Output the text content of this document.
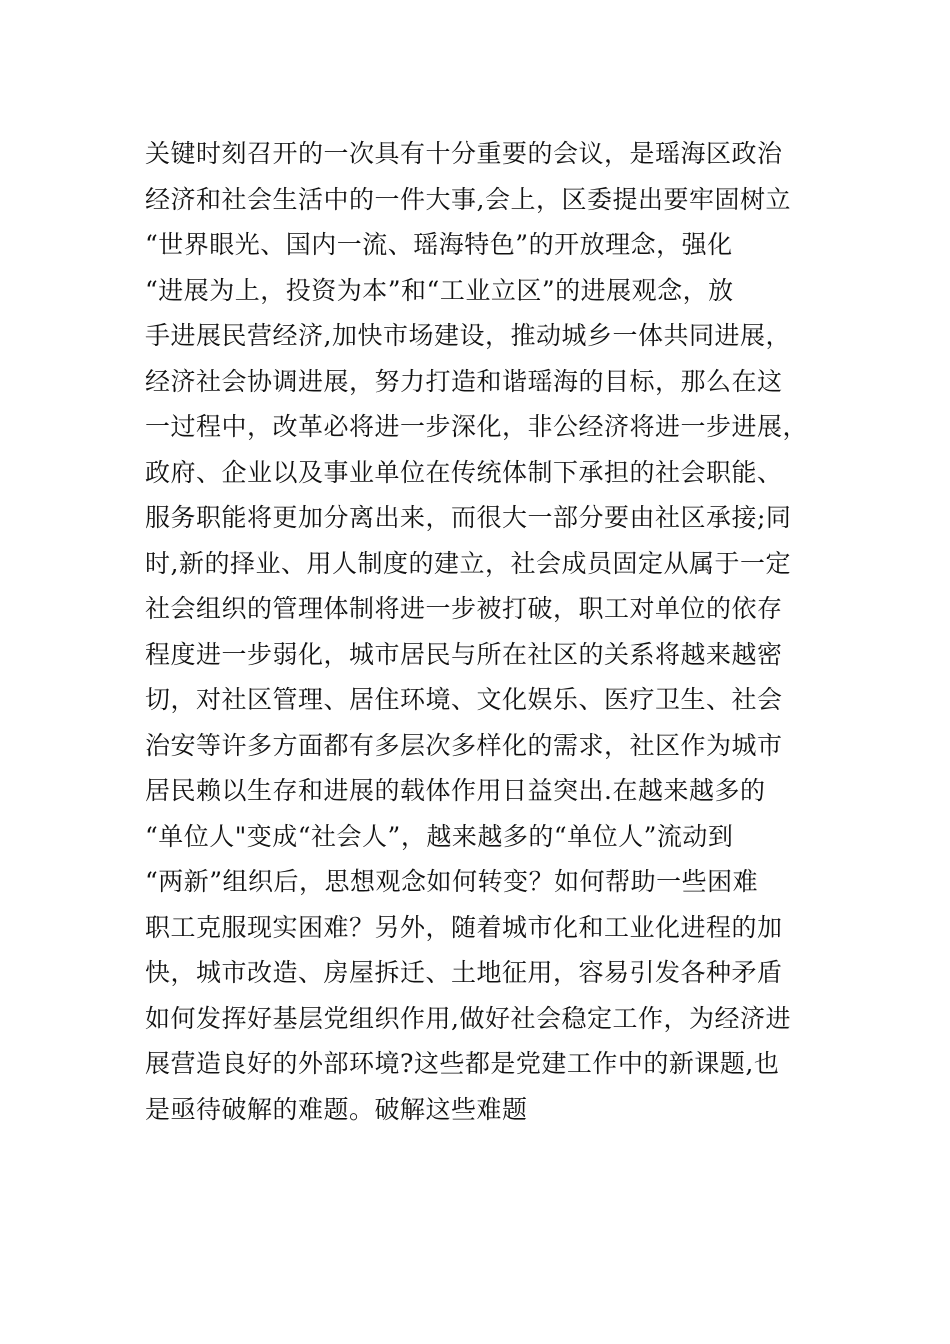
关键时刻召开的一次具有十分重要的会议，是瑶海区政治
经济和社会生活中的一件大事,会上，区委提出要牢固树立
“世界眼光、国内一流、瑶海特色”的开放理念，强化
“进展为上，投资为本”和“工业立区”的进展观念，放
手进展民营经济,加快市场建设，推动城乡一体共同进展，
经济社会协调进展，努力打造和谐瑶海的目标，那么在这
一过程中，改革必将进一步深化，非公经济将进一步进展，
政府、企业以及事业单位在传统体制下承担的社会职能、
服务职能将更加分离出来，而很大一部分要由社区承接;同
时,新的择业、用人制度的建立，社会成员固定从属于一定
社会组织的管理体制将进一步被打破，职工对单位的依存
程度进一步弱化，城市居民与所在社区的关系将越来越密
切，对社区管理、居住环境、文化娱乐、医疗卫生、社会
治安等许多方面都有多层次多样化的需求，社区作为城市
居民赖以生存和进展的载体作用日益突出.在越来越多的
“单位人"变成“社会人”，越来越多的“单位人”流动到
“两新”组织后，思想观念如何转变？如何帮助一些困难
职工克服现实困难？另外，随着城市化和工业化进程的加
快，城市改造、房屋拆迁、土地征用，容易引发各种矛盾
如何发挥好基层党组织作用,做好社会稳定工作，为经济进
展营造良好的外部环境?这些都是党建工作中的新课题,也
是亟待破解的难题。破解这些难题
